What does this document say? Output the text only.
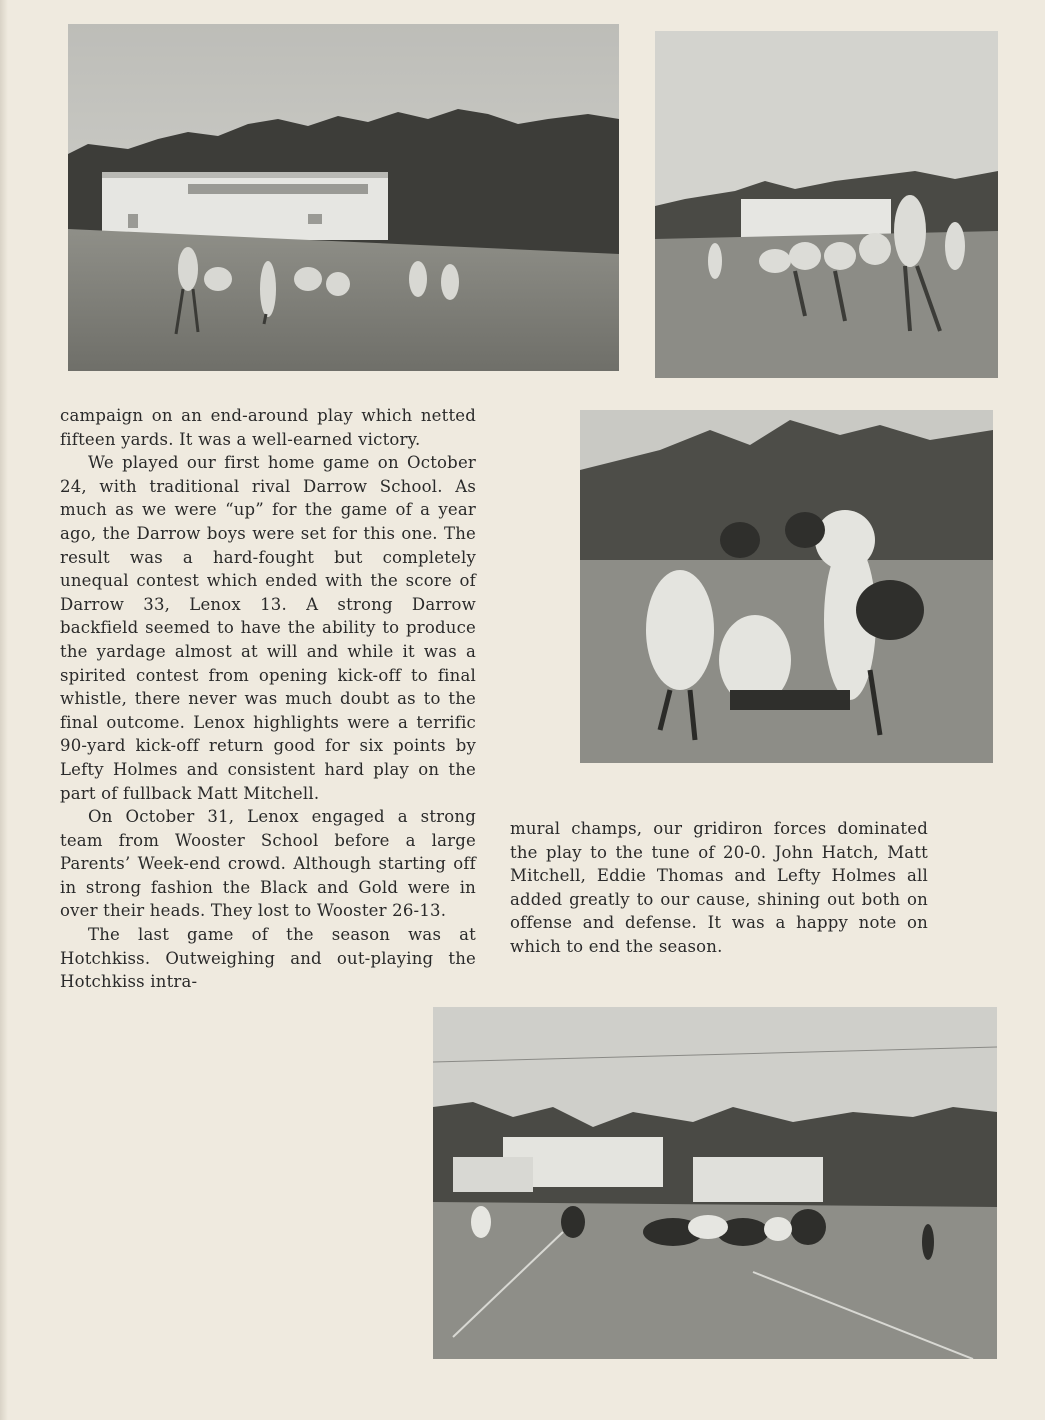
campaign on an end-around play which netted fifteen yards. It was a well-earned victory.

We played our first home game on October 24, with traditional rival Darrow School. As much as we were “up” for the game of a year ago, the Darrow boys were set for this one. The result was a hard-fought but completely unequal contest which ended with the score of Darrow 33, Lenox 13. A strong Darrow backfield seemed to have the ability to produce the yardage almost at will and while it was a spirited contest from opening kick-off to final whistle, there never was much doubt as to the final outcome. Lenox highlights were a terrific 90-yard kick-off return good for six points by Lefty Holmes and consistent hard play on the part of fullback Matt Mitchell.

On October 31, Lenox engaged a strong team from Wooster School before a large Parents’ Week-end crowd. Although starting off in strong fashion the Black and Gold were in over their heads. They lost to Wooster 26-13.

The last game of the season was at Hotchkiss. Outweighing and out-playing the Hotchkiss intra-

mural champs, our gridiron forces dominated the play to the tune of 20-0. John Hatch, Matt Mitchell, Eddie Thomas and Lefty Holmes all added greatly to our cause, shining out both on offense and defense. It was a happy note on which to end the season.
